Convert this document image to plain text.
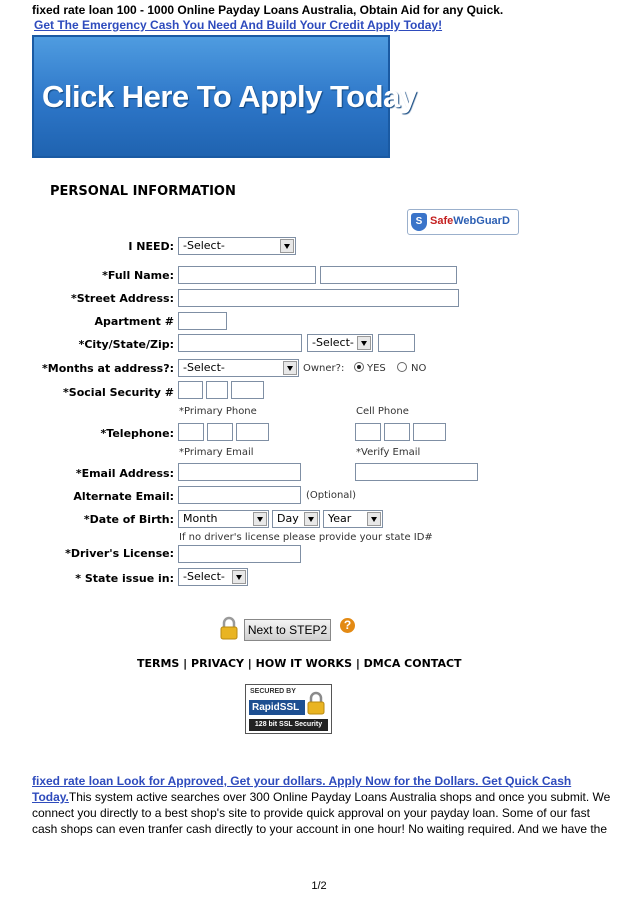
fixed rate loan 100 - 1000 Online Payday Loans Australia, Obtain Aid for any Quick.
Get The Emergency Cash You Need And Build Your Credit Apply Today!
Click Here To Apply Today
PERSONAL INFORMATION
S SafeWebGuarD
I NEED: -Select-
*Full Name:
*Street Address:
Apartment #
*City/State/Zip:	-Select-
*Months at address?: -Select-	Owner?: YES	NO
*Social Security #
*Primary Phone	Cell Phone
*Telephone:
*Primary Email	*Verify Email
*Email Address:
Alternate Email:	(Optional)
*Date of Birth: Month	Day	Year
If no driver's license please provide your state ID#
*Driver's License:
* State issue in: -Select-
Next to STEP2	?
TERMS | PRIVACY | HOW IT WORKS | DMCA CONTACT
SECURED BY
RapidSSL
128 bit SSL Security
fixed rate loan Look for Approved, Get your dollars. Apply Now for the Dollars. Get Quick Cash Today.This system active searches over 300 Online Payday Loans Australia shops and once you submit. We connect you directly to a best shop's site to provide quick approval on your payday loan. Some of our fast cash shops can even tranfer cash directly to your account in one hour! No waiting required. And we have the
1/2
